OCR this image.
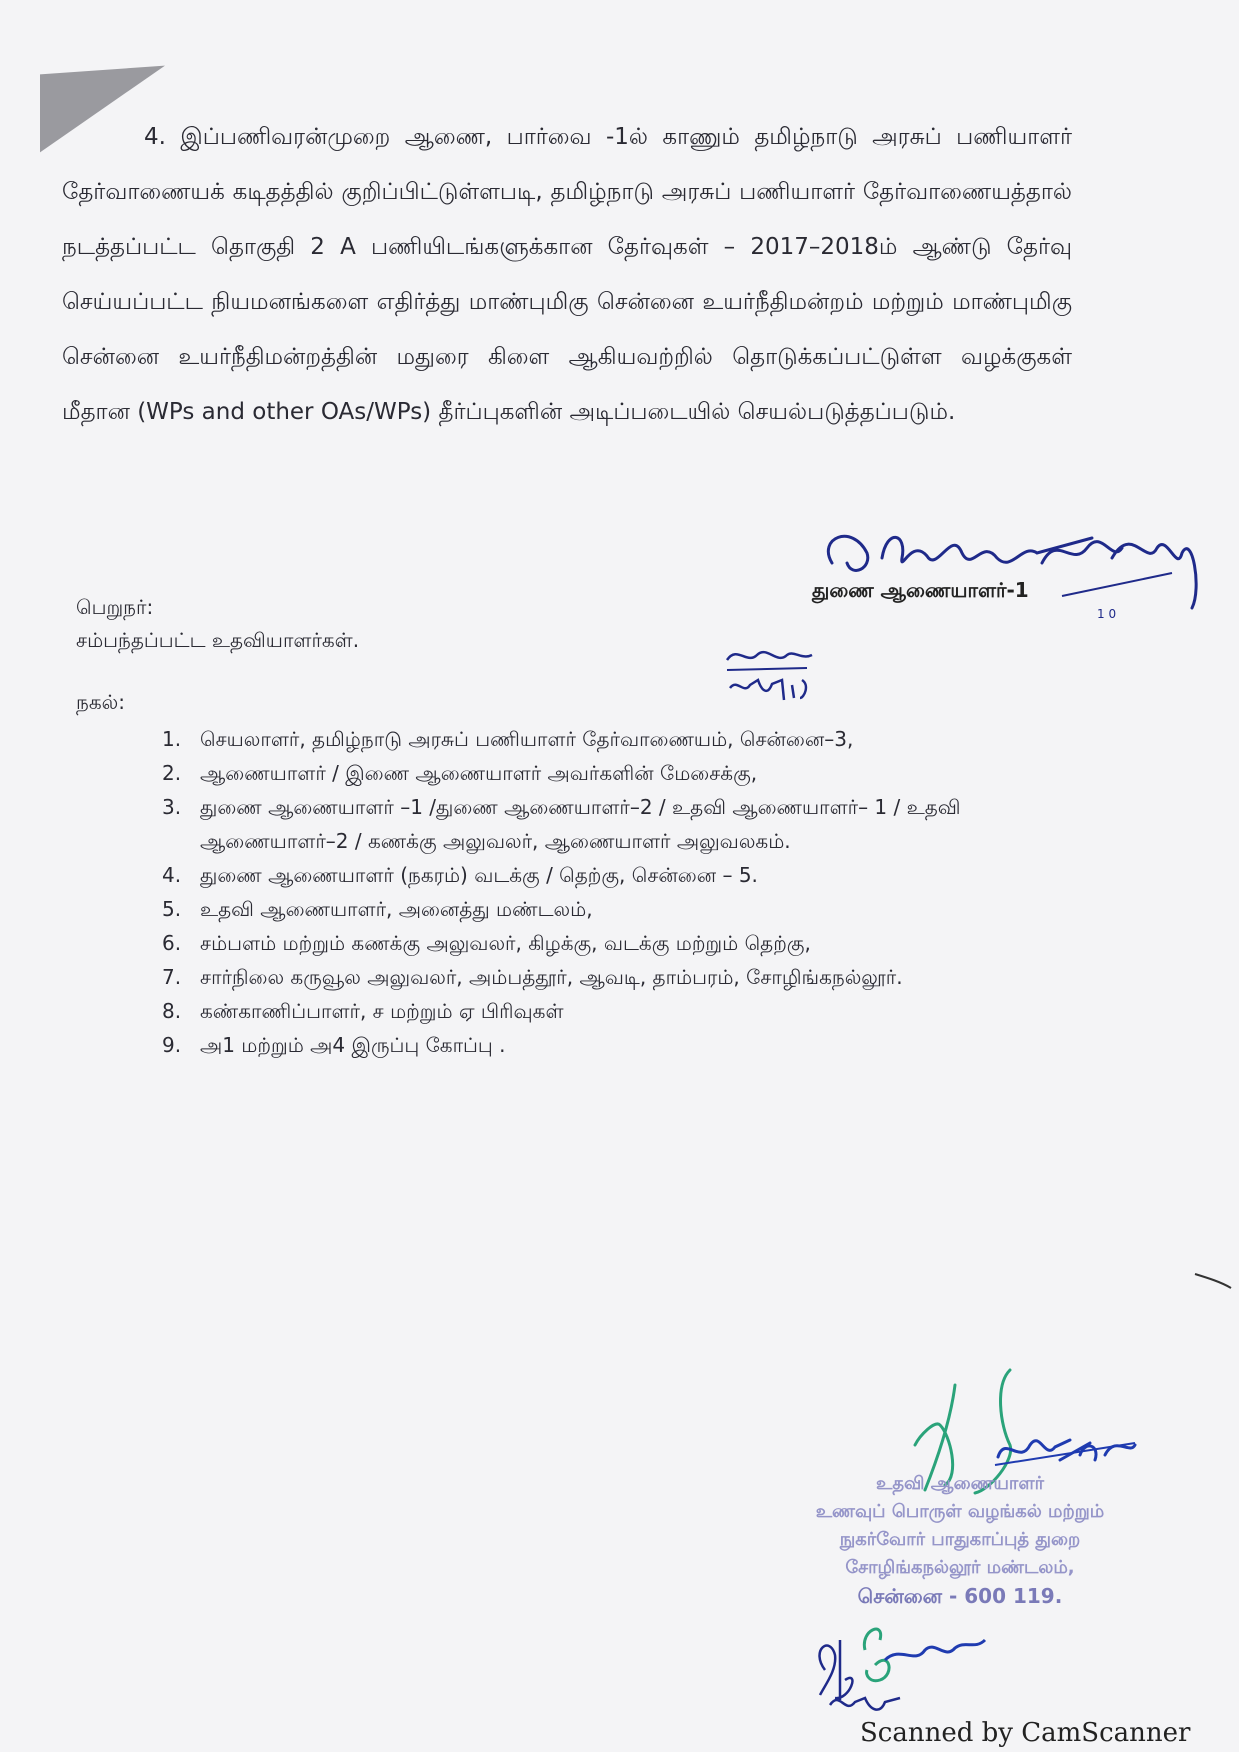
4. இப்பணிவரன்முறை ஆணை, பார்வை -1ல் காணும் தமிழ்நாடு அரசுப் பணியாளர் தேர்வாணையக் கடிதத்தில் குறிப்பிட்டுள்ளபடி, தமிழ்நாடு அரசுப் பணியாளர் தேர்வாணையத்தால் நடத்தப்பட்ட தொகுதி 2 A பணியிடங்களுக்கான தேர்வுகள் – 2017–2018ம் ஆண்டு தேர்வு செய்யப்பட்ட நியமனங்களை எதிர்த்து மாண்புமிகு சென்னை உயர்நீதிமன்றம் மற்றும் மாண்புமிகு சென்னை உயர்நீதிமன்றத்தின் மதுரை கிளை ஆகியவற்றில் தொடுக்கப்பட்டுள்ள வழக்குகள் மீதான (WPs and other OAs/WPs) தீர்ப்புகளின் அடிப்படையில் செயல்படுத்தப்படும்.
1 0
துணை ஆணையாளர்-1
பெறுநர்:
சம்பந்தப்பட்ட உதவியாளர்கள்.
நகல்:
1. செயலாளர், தமிழ்நாடு அரசுப் பணியாளர் தேர்வாணையம், சென்னை–3,
2. ஆணையாளர் / இணை ஆணையாளர் அவர்களின் மேசைக்கு,
3. துணை ஆணையாளர் –1 /துணை ஆணையாளர்–2 / உதவி ஆணையாளர்– 1 / உதவி ஆணையாளர்–2 / கணக்கு அலுவலர், ஆணையாளர் அலுவலகம்.
4. துணை ஆணையாளர் (நகரம்) வடக்கு / தெற்கு, சென்னை – 5.
5. உதவி ஆணையாளர், அனைத்து மண்டலம்,
6. சம்பளம் மற்றும் கணக்கு அலுவலர், கிழக்கு, வடக்கு மற்றும் தெற்கு,
7. சார்நிலை கருவூல அலுவலர், அம்பத்தூர், ஆவடி, தாம்பரம், சோழிங்கநல்லூர்.
8. கண்காணிப்பாளர், ச மற்றும் ஏ பிரிவுகள்
9. அ1 மற்றும் அ4 இருப்பு கோப்பு .
உதவி ஆணையாளர்
உணவுப் பொருள் வழங்கல் மற்றும்
நுகர்வோர் பாதுகாப்புத் துறை
சோழிங்கநல்லூர் மண்டலம்,
சென்னை - 600 119.
Scanned by CamScanner
